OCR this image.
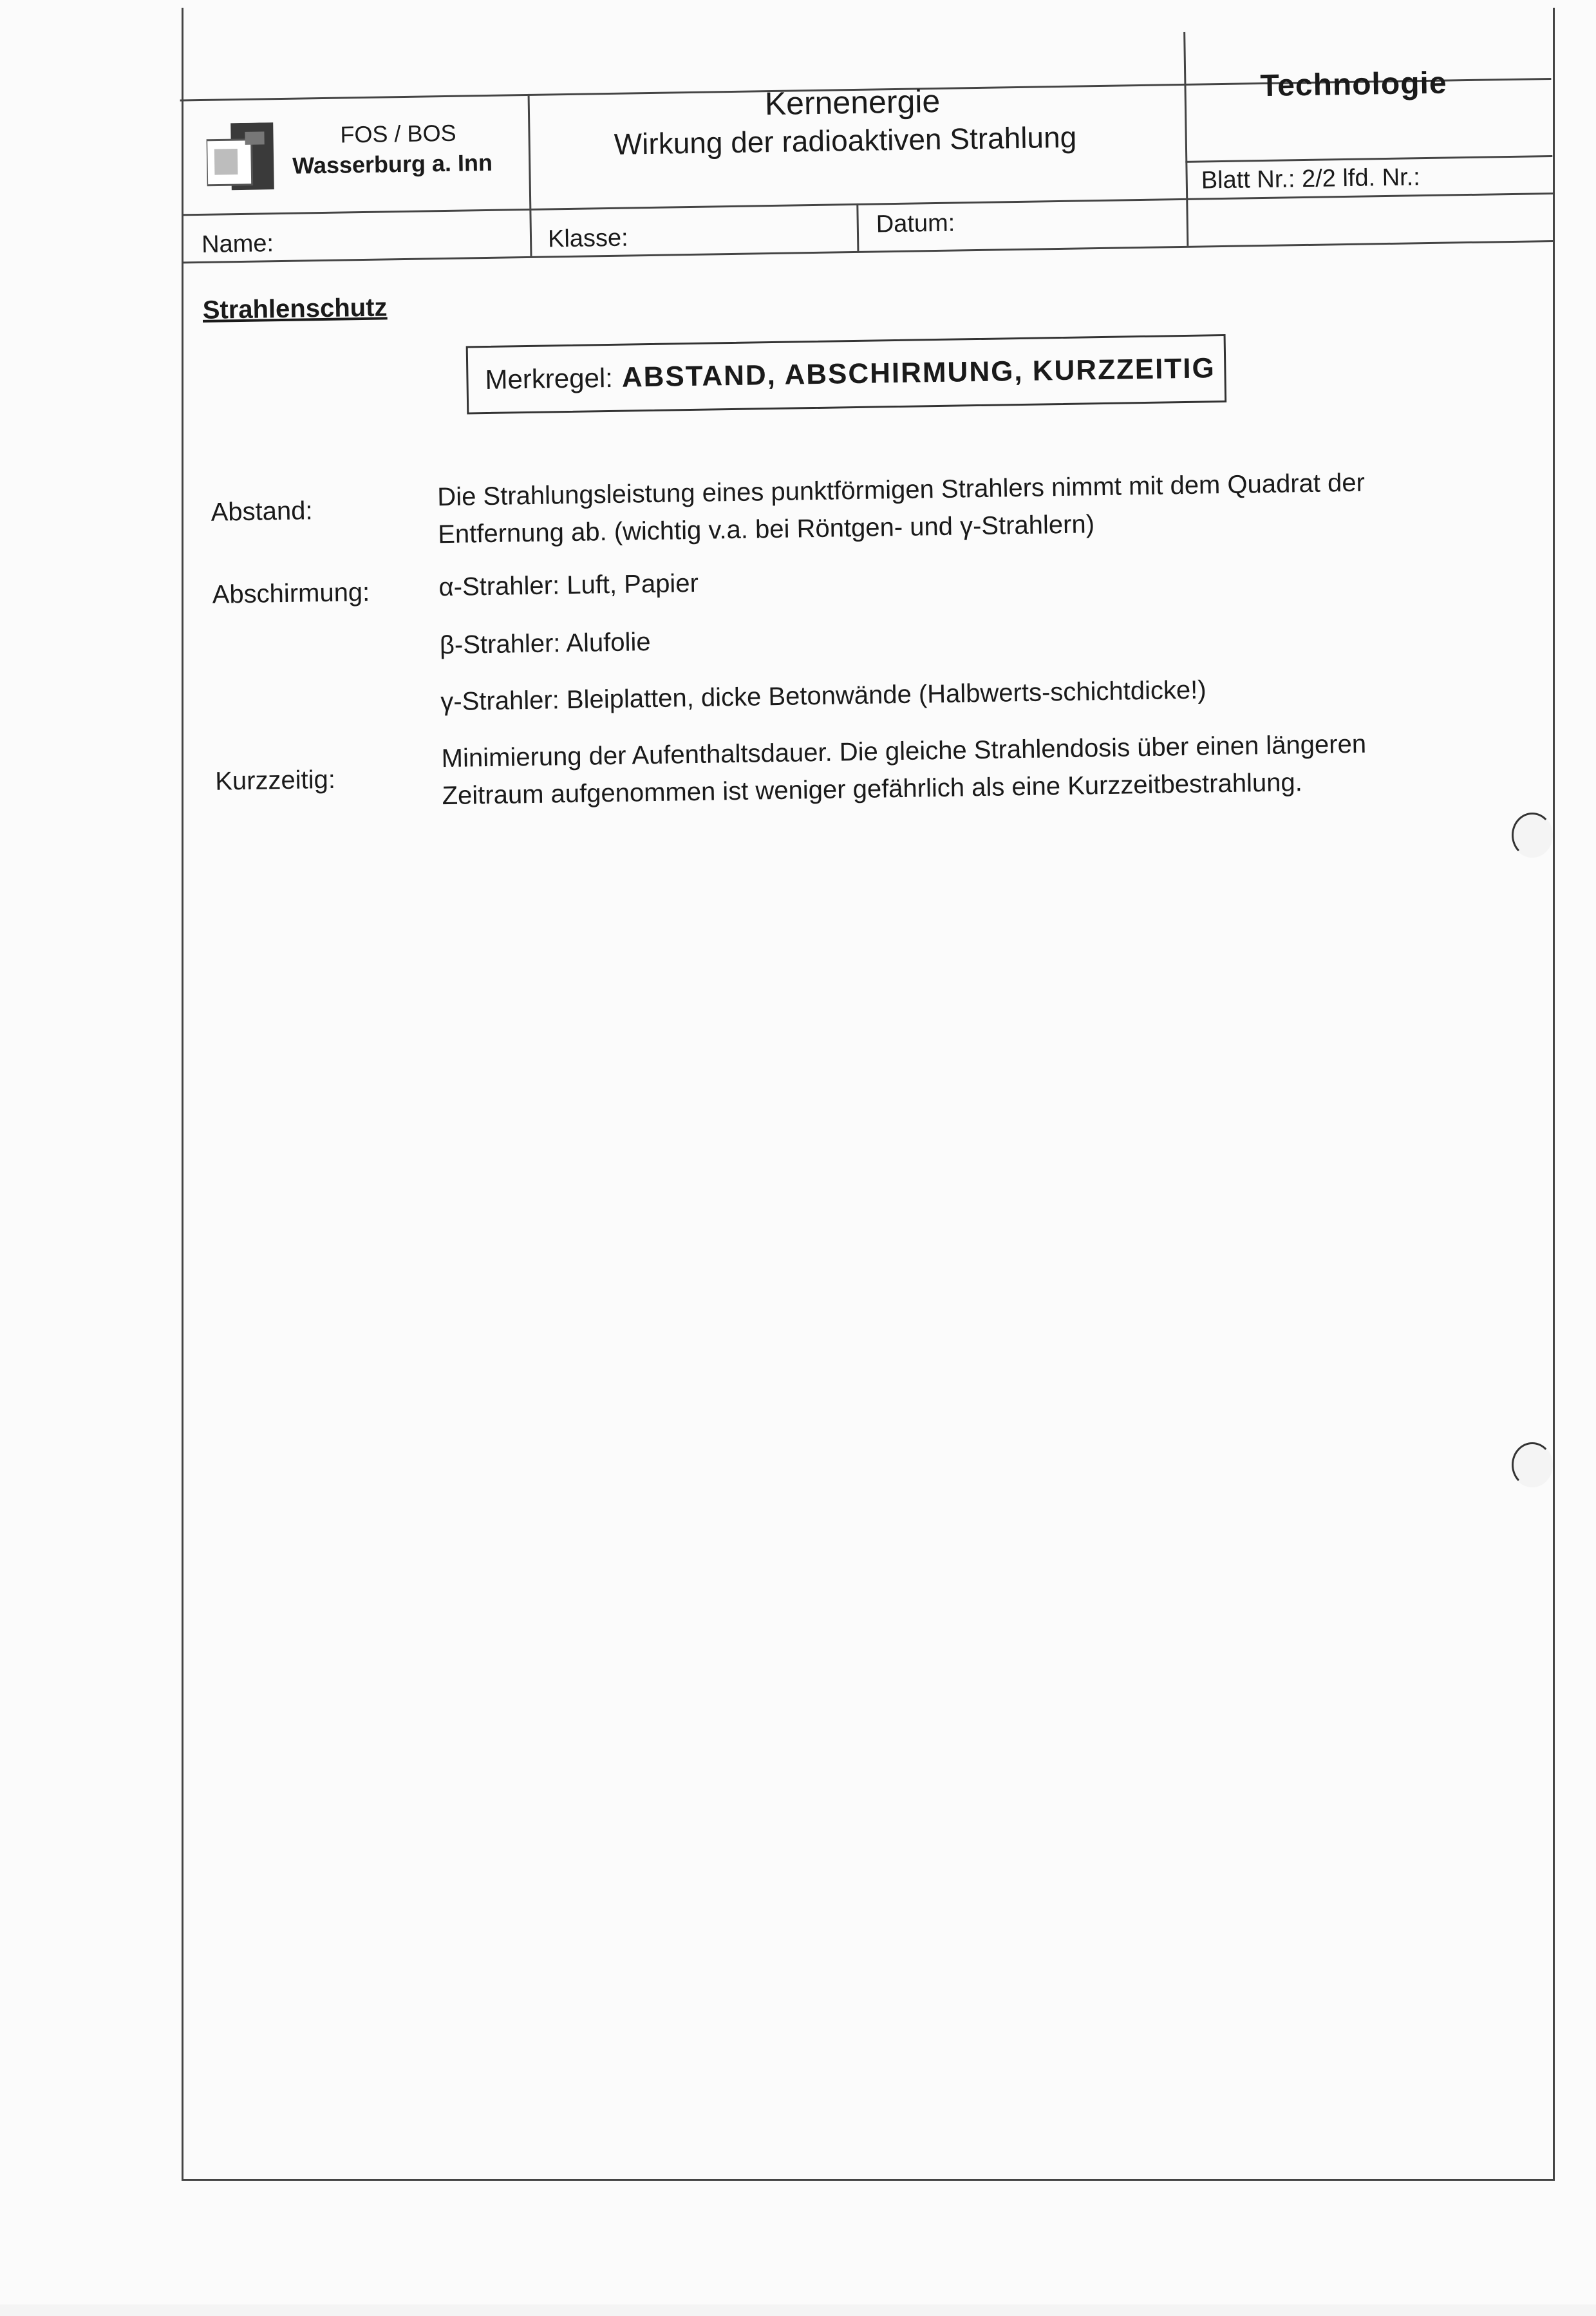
FOS / BOS
Wasserburg a. Inn
Kernenergie
Wirkung der radioaktiven Strahlung
Technologie
Blatt Nr.: 2/2 lfd. Nr.:
Name:	Klasse:
Datum:
Strahlenschutz
Merkregel: ABSTAND, ABSCHIRMUNG, KURZZEITIG
Abstand:
Die Strahlungsleistung eines punktförmigen Strahlers nimmt mit dem Quadrat der
Entfernung ab. (wichtig v.a. bei Röntgen- und γ-Strahlern)
Abschirmung:	α-Strahler: Luft, Papier
β-Strahler: Alufolie
γ-Strahler: Bleiplatten, dicke Betonwände (Halbwerts-schichtdicke!)
Kurzzeitig:
Minimierung der Aufenthaltsdauer. Die gleiche Strahlendosis über einen längeren
Zeitraum aufgenommen ist weniger gefährlich als eine Kurzzeitbestrahlung.
